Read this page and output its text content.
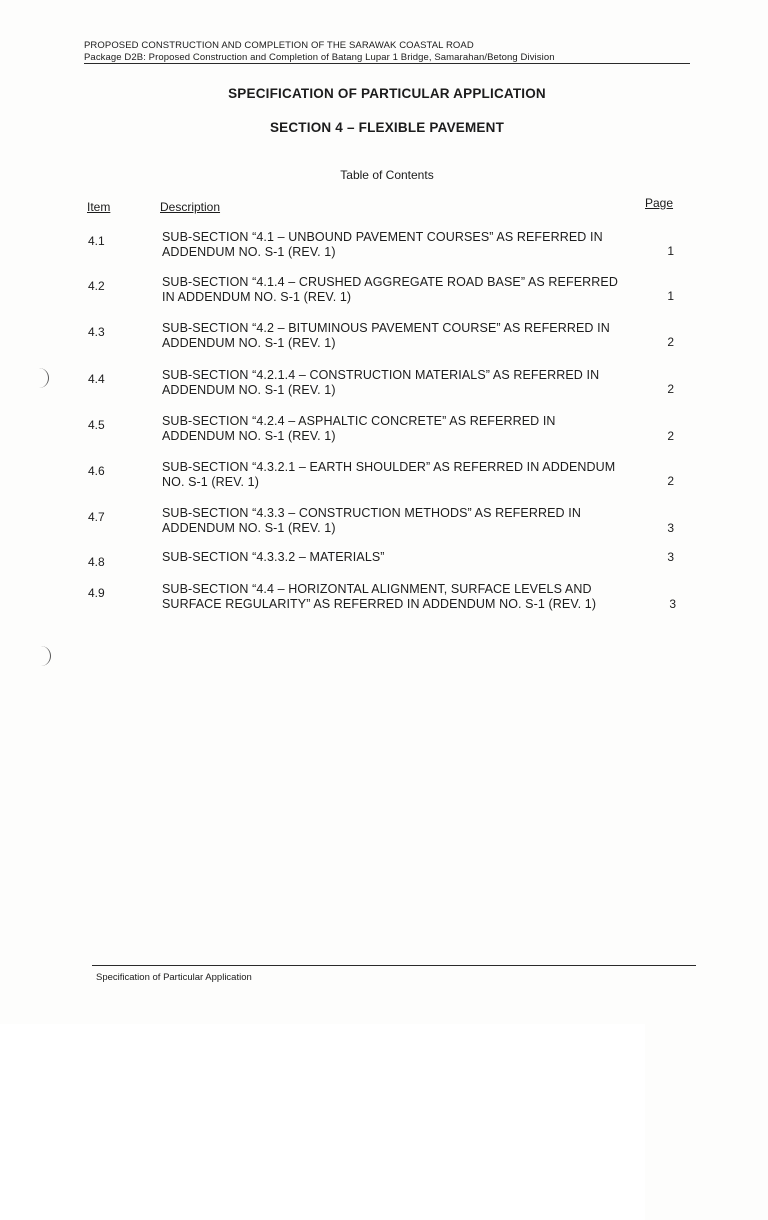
PROPOSED CONSTRUCTION AND COMPLETION OF THE SARAWAK COASTAL ROAD
Package D2B: Proposed Construction and Completion of Batang Lupar 1 Bridge, Samarahan/Betong Division
SPECIFICATION OF PARTICULAR APPLICATION
SECTION 4 – FLEXIBLE PAVEMENT
Table of Contents
Item	Description	Page
4.1	SUB-SECTION “4.1 – UNBOUND PAVEMENT COURSES” AS REFERRED IN
ADDENDUM NO. S-1 (REV. 1)	1
4.2	SUB-SECTION “4.1.4 – CRUSHED AGGREGATE ROAD BASE” AS REFERRED
IN ADDENDUM NO. S-1 (REV. 1)	1
4.3	SUB-SECTION “4.2 – BITUMINOUS PAVEMENT COURSE” AS REFERRED IN
ADDENDUM NO. S-1 (REV. 1)	2
4.4	SUB-SECTION “4.2.1.4 – CONSTRUCTION MATERIALS” AS REFERRED IN
ADDENDUM NO. S-1 (REV. 1)	2
4.5	SUB-SECTION “4.2.4 – ASPHALTIC CONCRETE” AS REFERRED IN
ADDENDUM NO. S-1 (REV. 1)	2
4.6	SUB-SECTION “4.3.2.1 – EARTH SHOULDER” AS REFERRED IN ADDENDUM
NO. S-1 (REV. 1)	2
4.7	SUB-SECTION “4.3.3 – CONSTRUCTION METHODS” AS REFERRED IN
ADDENDUM NO. S-1 (REV. 1)	3
4.8	SUB-SECTION “4.3.3.2 – MATERIALS”	3
4.9	SUB-SECTION “4.4 – HORIZONTAL ALIGNMENT, SURFACE LEVELS AND
SURFACE REGULARITY” AS REFERRED IN ADDENDUM NO. S-1 (REV. 1)	3
Specification of Particular Application
